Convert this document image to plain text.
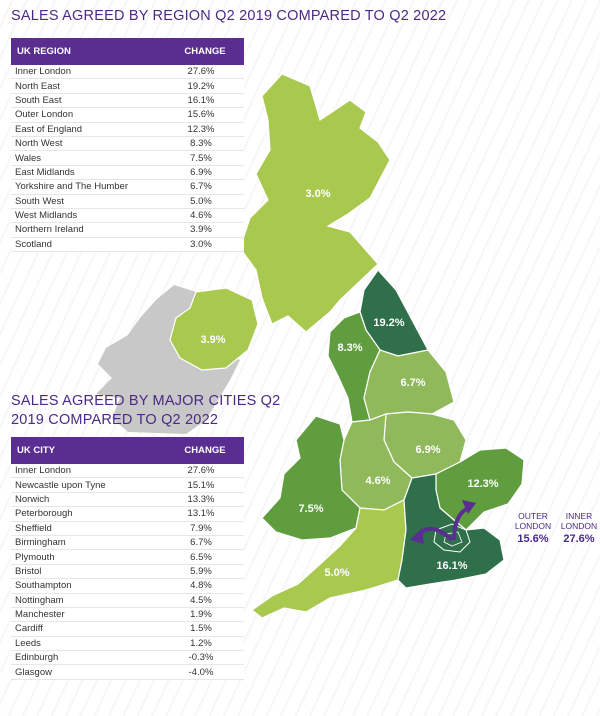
3.0%
3.9%
19.2%
8.3%
6.7%
6.9%
4.6%
7.5%
12.3%
5.0%
16.1%
OUTER
LONDON
15.6%
INNER
LONDON
27.6%
SALES AGREED BY REGION Q2 2019 COMPARED TO Q2 2022
UK REGION	CHANGE
Inner London	27.6%
North East	19.2%
South East	16.1%
Outer London	15.6%
East of England	12.3%
North West	8.3%
Wales	7.5%
East Midlands	6.9%
Yorkshire and The Humber	6.7%
South West	5.0%
West Midlands	4.6%
Northern Ireland	3.9%
Scotland	3.0%
SALES AGREED BY MAJOR CITIES Q2 2019 COMPARED TO Q2 2022
UK CITY	CHANGE
Inner London	27.6%
Newcastle upon Tyne	15.1%
Norwich	13.3%
Peterborough	13.1%
Sheffield	7.9%
Birmingham	6.7%
Plymouth	6.5%
Bristol	5.9%
Southampton	4.8%
Nottingham	4.5%
Manchester	1.9%
Cardiff	1.5%
Leeds	1.2%
Edinburgh	-0.3%
Glasgow	-4.0%
